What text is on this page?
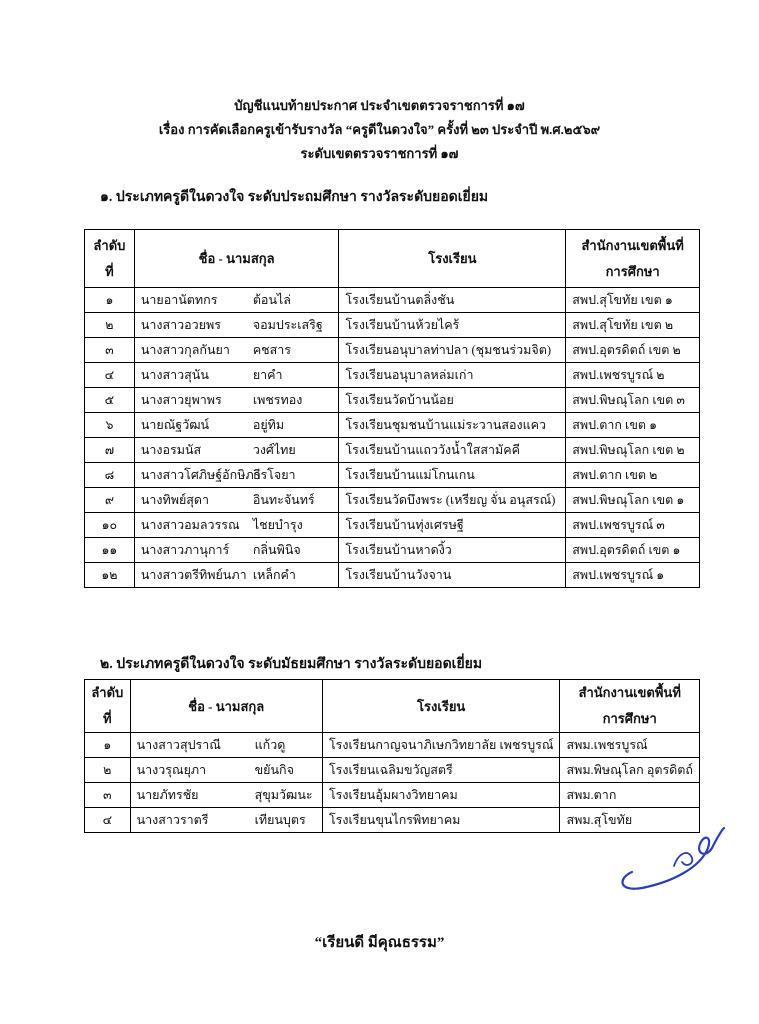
บัญชีแนบท้ายประกาศ ประจำเขตตรวจราชการที่ ๑๗
เรื่อง การคัดเลือกครูเข้ารับรางวัล “ครูดีในดวงใจ” ครั้งที่ ๒๓ ประจำปี พ.ศ.๒๕๖๙
ระดับเขตตรวจราชการที่ ๑๗
๑. ประเภทครูดีในดวงใจ ระดับประถมศึกษา รางวัลระดับยอดเยี่ยม
ลำดับ
ที่	ชื่อ - นามสกุล	โรงเรียน	สำนักงานเขตพื้นที่
การศึกษา
๑	นายอานัตทกร ต้อนไล่	โรงเรียนบ้านตลิ่งชัน	สพป.สุโขทัย เขต ๑
๒	นางสาวอวยพร จอมประเสริฐ	โรงเรียนบ้านห้วยไคร้	สพป.สุโขทัย เขต ๒
๓	นางสาวกุลกันยา คชสาร	โรงเรียนอนุบาลท่าปลา (ชุมชนร่วมจิต)	สพป.อุตรดิตถ์ เขต ๒
๔	นางสาวสุนัน ยาคำ	โรงเรียนอนุบาลหล่มเก่า	สพป.เพชรบูรณ์ ๒
๕	นางสาวยุพาพร เพชรทอง	โรงเรียนวัดบ้านน้อย	สพป.พิษณุโลก เขต ๓
๖	นายณัฐวัฒน์ อยู่ทิม	โรงเรียนชุมชนบ้านแม่ระวานสองแคว	สพป.ตาก เขต ๑
๗	นางอรมนัส วงศ์ไทย	โรงเรียนบ้านแถววังน้ำใสสามัคคี	สพป.พิษณุโลก เขต ๒
๘	นางสาวโศภิษฐ์อักษิภาธีรโจยา	โรงเรียนบ้านแม่โกนเกน	สพป.ตาก เขต ๒
๙	นางทิพย์สุดา อินทะจันทร์	โรงเรียนวัดบึงพระ (เหรียญ จั่น อนุสรณ์)	สพป.พิษณุโลก เขต ๑
๑๐	นางสาวอมลวรรณ ไชยบำรุง	โรงเรียนบ้านทุ่งเศรษฐี	สพป.เพชรบูรณ์ ๓
๑๑	นางสาวภานุการ์ กลิ่นพินิจ	โรงเรียนบ้านหาดงิ้ว	สพป.อุตรดิตถ์ เขต ๑
๑๒	นางสาวตรีทิพย์นภา เหล็กคำ	โรงเรียนบ้านวังจาน	สพป.เพชรบูรณ์ ๑
๒. ประเภทครูดีในดวงใจ ระดับมัธยมศึกษา รางวัลระดับยอดเยี่ยม
ลำดับ
ที่	ชื่อ - นามสกุล	โรงเรียน	สำนักงานเขตพื้นที่
การศึกษา
๑	นางสาวสุปราณี แก้วดู	โรงเรียนกาญจนาภิเษกวิทยาลัย เพชรบูรณ์	สพม.เพชรบูรณ์
๒	นางวรุณยุภา ขยันกิจ	โรงเรียนเฉลิมขวัญสตรี	สพม.พิษณุโลก อุตรดิตถ์
๓	นายภัทรชัย สุขุมวัฒนะ	โรงเรียนอุ้มผางวิทยาคม	สพม.ตาก
๔	นางสาวราตรี เทียนบุตร	โรงเรียนขุนไกรพิทยาคม	สพม.สุโขทัย
“เรียนดี มีคุณธรรม”
